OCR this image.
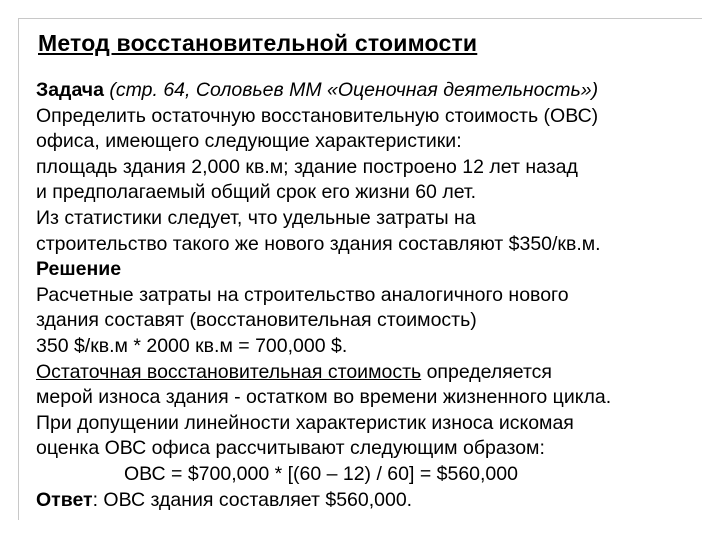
Метод восстановительной стоимости
Задача (стр. 64, Соловьев ММ «Оценочная деятельность»)
Определить остаточную восстановительную стоимость (ОВС)
офиса, имеющего следующие характеристики:
площадь здания 2,000 кв.м; здание построено 12 лет назад
и предполагаемый общий срок его жизни 60 лет.
Из статистики следует, что удельные затраты на
строительство такого же нового здания составляют $350/кв.м.
Решение
Расчетные затраты на строительство аналогичного нового
здания составят (восстановительная стоимость)
350 $/кв.м * 2000 кв.м = 700,000 $.
Остаточная восстановительная стоимость определяется
мерой износа здания - остатком во времени жизненного цикла.
При допущении линейности характеристик износа искомая
оценка ОВС офиса рассчитывают следующим образом:
ОВС = $700,000 * [(60 – 12) / 60] = $560,000
Ответ: ОВС здания составляет $560,000.
